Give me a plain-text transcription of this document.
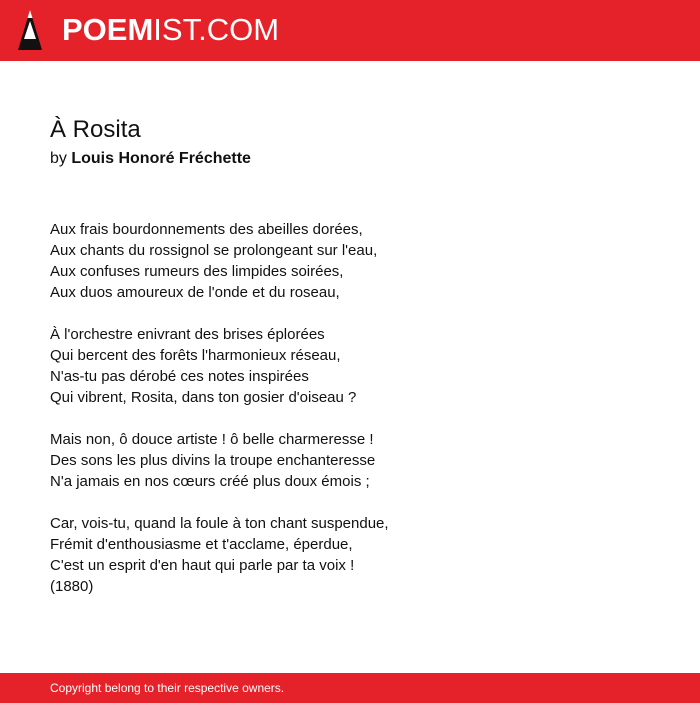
POEMIST.COM
À Rosita
by Louis Honoré Fréchette
Aux frais bourdonnements des abeilles dorées,
Aux chants du rossignol se prolongeant sur l'eau,
Aux confuses rumeurs des limpides soirées,
Aux duos amoureux de l'onde et du roseau,
À l'orchestre enivrant des brises éplorées
Qui bercent des forêts l'harmonieux réseau,
N'as-tu pas dérobé ces notes inspirées
Qui vibrent, Rosita, dans ton gosier d'oiseau ?
Mais non, ô douce artiste ! ô belle charmeresse !
Des sons les plus divins la troupe enchanteresse
N'a jamais en nos cœurs créé plus doux émois ;
Car, vois-tu, quand la foule à ton chant suspendue,
Frémit d'enthousiasme et t'acclame, éperdue,
C'est un esprit d'en haut qui parle par ta voix !
(1880)
Copyright belong to their respective owners.
